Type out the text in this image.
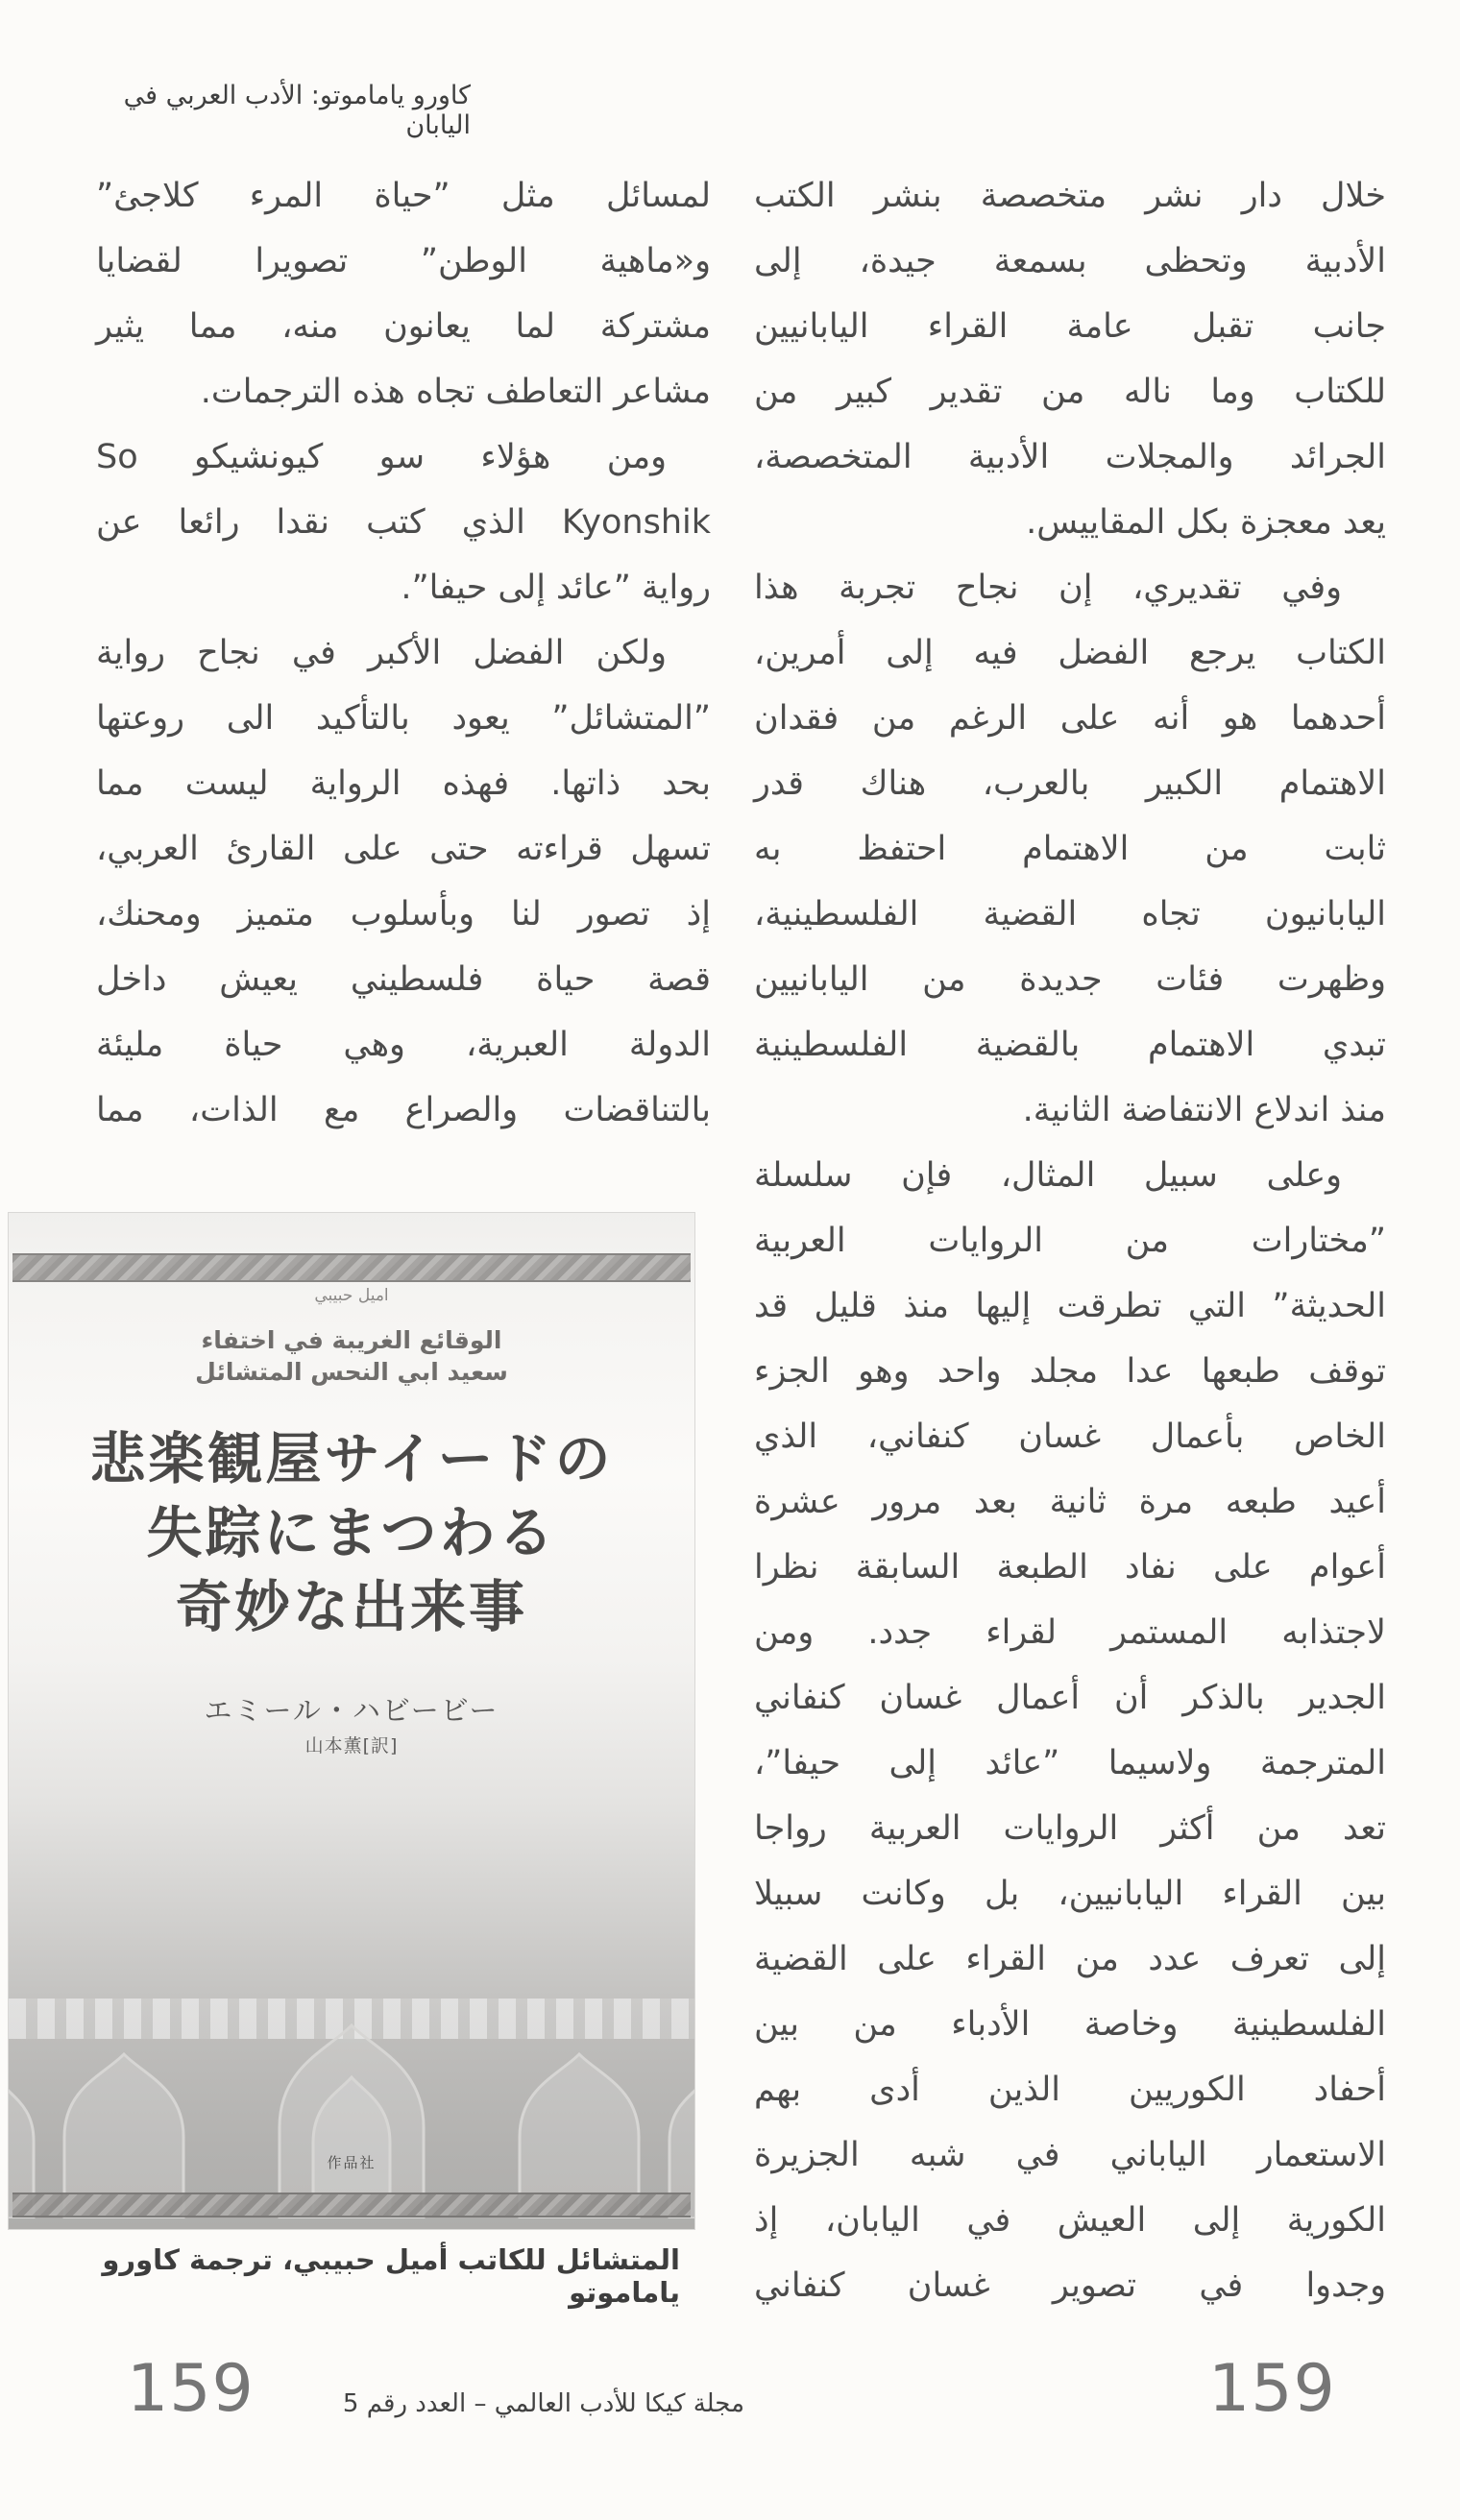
كاورو ياماموتو: الأدب العربي في اليابان
خلال دار نشر متخصصة بنشر الكتب
الأدبية وتحظى بسمعة جيدة، إلى
جانب تقبل عامة القراء اليابانيين
للكتاب وما ناله من تقدير كبير من
الجرائد والمجلات الأدبية المتخصصة،
يعد معجزة بكل المقاييس.
وفي تقديري، إن نجاح تجربة هذا
الكتاب يرجع الفضل فيه إلى أمرين،
أحدهما هو أنه على الرغم من فقدان
الاهتمام الكبير بالعرب، هناك قدر
ثابت من الاهتمام احتفظ به
اليابانيون تجاه القضية الفلسطينية،
وظهرت فئات جديدة من اليابانيين
تبدي الاهتمام بالقضية الفلسطينية
منذ اندلاع الانتفاضة الثانية.
وعلى سبيل المثال، فإن سلسلة
”مختارات من الروايات العربية
الحديثة” التي تطرقت إليها منذ قليل قد
توقف طبعها عدا مجلد واحد وهو الجزء
الخاص بأعمال غسان كنفاني، الذي
أعيد طبعه مرة ثانية بعد مرور عشرة
أعوام على نفاد الطبعة السابقة نظرا
لاجتذابه المستمر لقراء جدد. ومن
الجدير بالذكر أن أعمال غسان كنفاني
المترجمة ولاسيما ”عائد إلى حيفا”،
تعد من أكثر الروايات العربية رواجا
بين القراء اليابانيين، بل وكانت سبيلا
إلى تعرف عدد من القراء على القضية
الفلسطينية وخاصة الأدباء من بين
أحفاد الكوريين الذين أدى بهم
الاستعمار الياباني في شبه الجزيرة
الكورية إلى العيش في اليابان، إذ
وجدوا في تصوير غسان كنفاني
لمسائل مثل ”حياة المرء كلاجئ”
و«ماهية الوطن” تصويرا لقضايا
مشتركة لما يعانون منه، مما يثير
مشاعر التعاطف تجاه هذه الترجمات.
ومن هؤلاء سو كيونشيكو So
Kyonshik الذي كتب نقدا رائعا عن
رواية ”عائد إلى حيفا”.
ولكن الفضل الأكبر في نجاح رواية
”المتشائل” يعود بالتأكيد الى روعتها
بحد ذاتها. فهذه الرواية ليست مما
تسهل قراءته حتى على القارئ العربي،
إذ تصور لنا وبأسلوب متميز ومحنك،
قصة حياة فلسطيني يعيش داخل
الدولة العبرية، وهي حياة مليئة
بالتناقضات والصراع مع الذات، مما
اميل حبيبي
الوقائع الغريبة في اختفاء
سعيد ابي النحس المتشائل
悲楽観屋サイードの
失踪にまつわる
奇妙な出来事
エミール・ハビービー
山本薫[訳]
作品社
المتشائل للكاتب أميل حبيبي، ترجمة كاورو ياماموتو
159	مجلة كيكا للأدب العالمي – العدد رقم 5	159
